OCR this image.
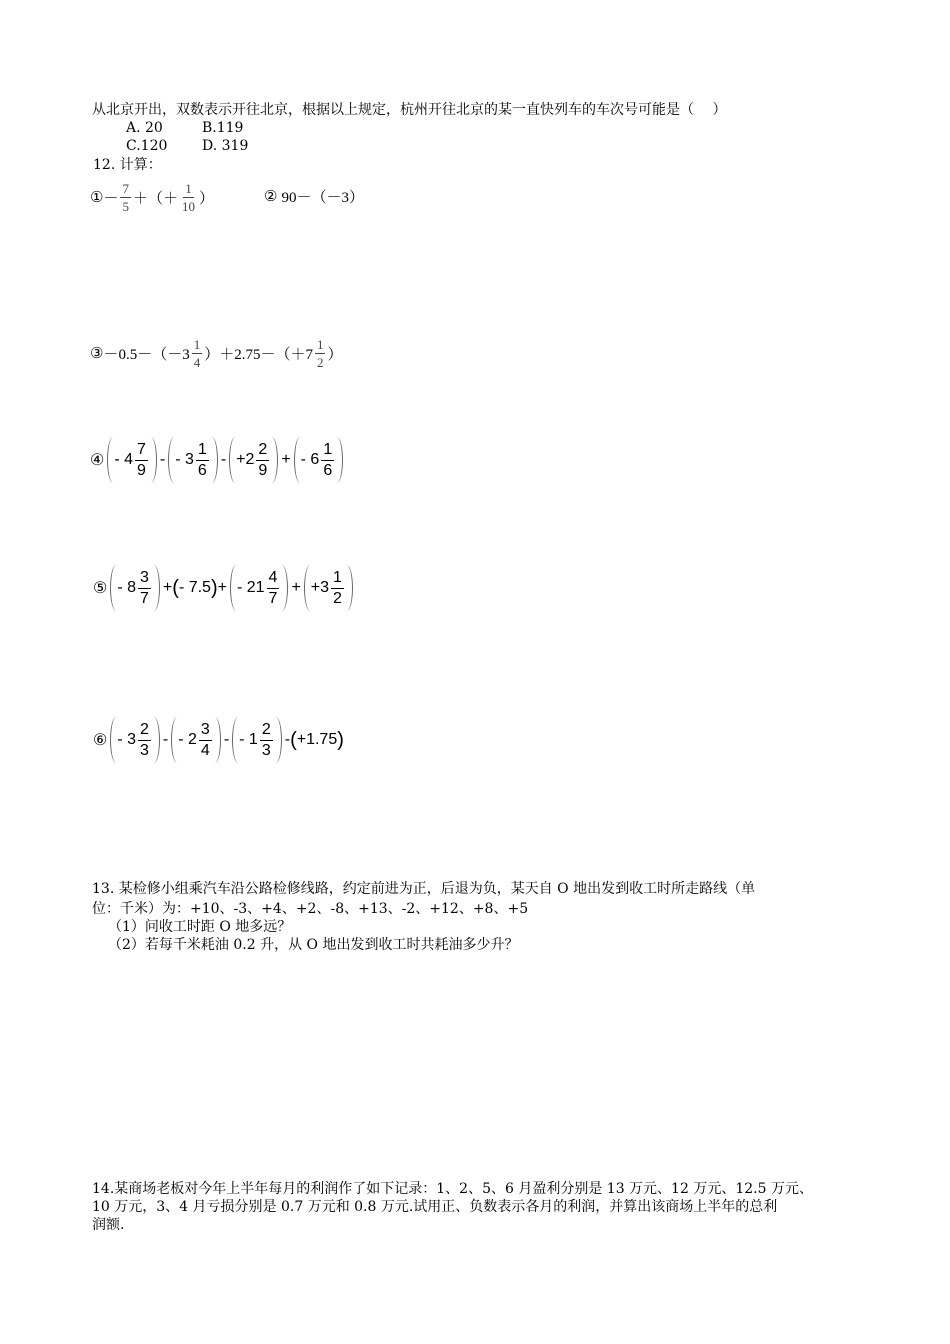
从北京开出，双数表示开往北京，根据以上规定，杭州开往北京的某一直快列车的车次号可能是（　 ）
A. 20	B.119
C.120 D. 319
12. 计算：
① － $\frac{7}{5}$ ＋（＋ $\frac{1}{10}$ ）	② 90－（－3）
③ $-0.5-(-3 \frac{1}{4} )+2.75-(+7 \frac{1}{2}$ ）
④ - $4 \frac{7}{9}$ - - $3 \frac{1}{6} - +2 \frac{2}{9}$ + - $6 \frac{1}{6}$
⑤ - $8 \frac{3}{7}$ + ( - 7.5 ) + - $21 \frac{4}{7} + +3 \frac{1}{2}$
⑥ - $3 \frac{2}{3}$ - - $2 \frac{3}{4}$ - - $1 \frac{2}{3}$ - ( +1.75 )
13. 某检修小组乘汽车沿公路检修线路，约定前进为正，后退为负，某天自 O 地出发到收工时所走路线（单
位：千米）为：+10、-3、+4、+2、-8、+13、-2、+12、+8、+5
（1）问收工时距 O 地多远？
（2）若每千米耗油 0.2 升，从 O 地出发到收工时共耗油多少升？
14.某商场老板对今年上半年每月的利润作了如下记录：1、2、5、6 月盈利分别是 13 万元、12 万元、12.5 万元、
10 万元，3、4 月亏损分别是 0.7 万元和 0.8 万元.试用正、负数表示各月的利润，并算出该商场上半年的总利
润额.
